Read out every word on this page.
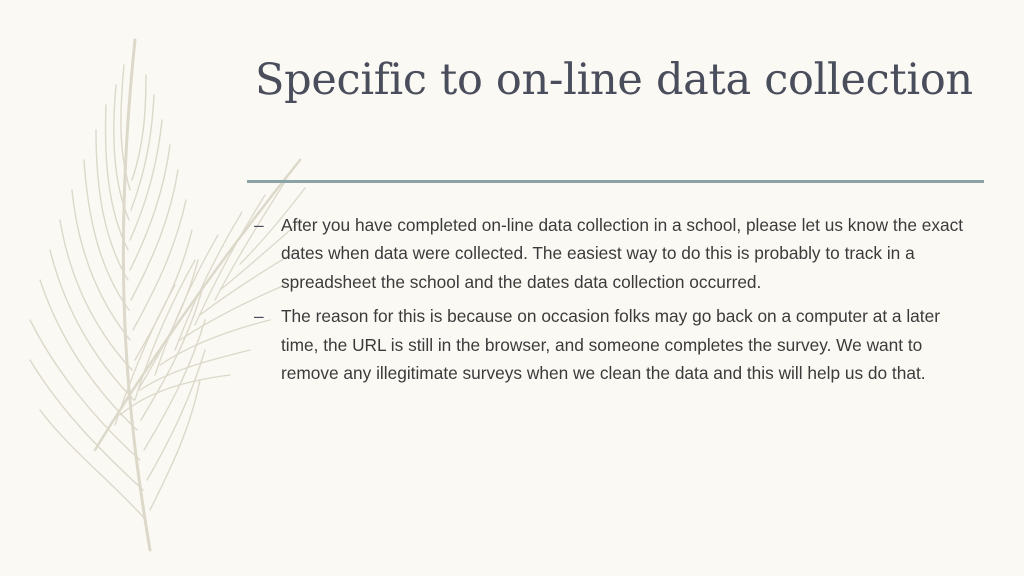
Specific to on-line data collection
– After you have completed on-line data collection in a school, please let us know the exact dates when data were collected. The easiest way to do this is probably to track in a spreadsheet the school and the dates data collection occurred.
– The reason for this is because on occasion folks may go back on a computer at a later time, the URL is still in the browser, and someone completes the survey. We want to remove any illegitimate surveys when we clean the data and this will help us do that.
